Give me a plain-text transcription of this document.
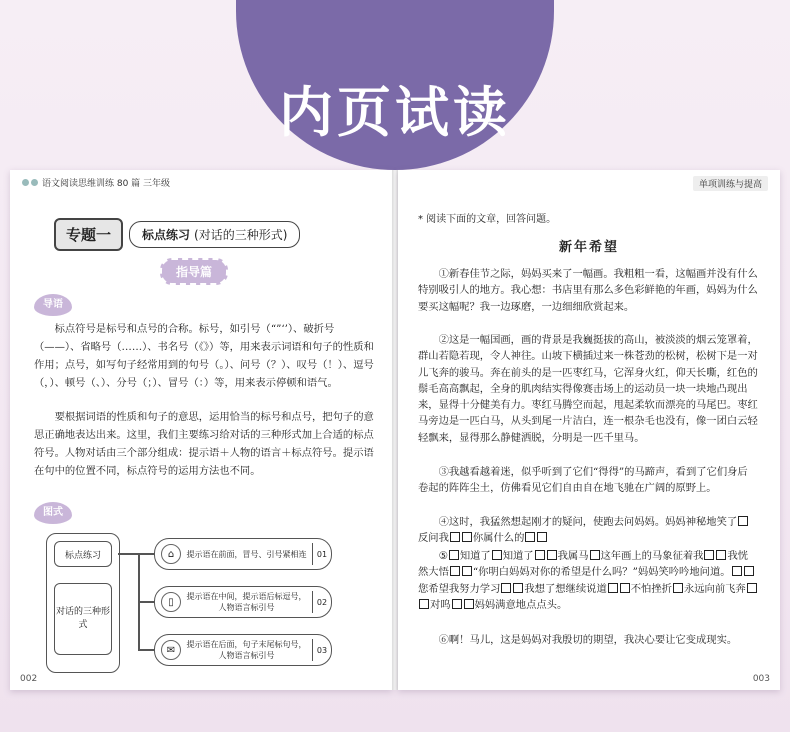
内页试读
语文阅读思维训练 80 篇 三年级
专题一	标点练习 (对话的三种形式)
指导篇
导语
标点符号是标号和点号的合称。标号，如引号（“”‘’）、破折号（——）、省略号（……）、书名号（《》）等，用来表示词语和句子的性质和作用；点号，如写句子经常用到的句号（。）、问号（？）、叹号（！）、逗号（，）、顿号（、）、分号（；）、冒号（：）等，用来表示停顿和语气。
要根据词语的性质和句子的意思，运用恰当的标号和点号，把句子的意思正确地表达出来。这里，我们主要练习给对话的三种形式加上合适的标点符号。人物对话由三个部分组成：提示语＋人物的语言＋标点符号。提示语在句中的位置不同，标点符号的运用方法也不同。
图式
标点练习
对话的三种形式
⌂	提示语在前面，冒号、引号紧相连	01
▯	提示语在中间，提示语后标逗号，人物语言标引号
02
✉	提示语在后面，句子末尾标句号，人物语言标引号
03
002
单项训练与提高
* 阅读下面的文章，回答问题。
新年希望
①新春佳节之际，妈妈买来了一幅画。我粗粗一看，这幅画并没有什么特别吸引人的地方。我心想：书店里有那么多色彩鲜艳的年画，妈妈为什么要买这幅呢？我一边琢磨，一边细细欣赏起来。
②这是一幅国画，画的背景是我巍挺拔的高山，被淡淡的烟云笼罩着，群山若隐若现，令人神往。山坡下横插过来一株苍劲的松树，松树下是一对儿飞奔的骏马。奔在前头的是一匹枣红马，它浑身火红，仰天长嘶，红色的鬃毛高高飘起，全身的肌肉结实得像赛击场上的运动员一块一块地凸现出来，显得十分健美有力。枣红马腾空而起，甩起柔软而漂亮的马尾巴。枣红马旁边是一匹白马，从头到尾一片洁白，连一根杂毛也没有，像一团白云轻轻飘来，显得那么静健洒脱，分明是一匹千里马。
③我越看越着迷，似乎听到了它们“得得”的马蹄声，看到了它们身后卷起的阵阵尘土，仿佛看见它们自由自在地飞驰在广阔的原野上。
④这时，我猛然想起刚才的疑问，使跑去问妈妈。妈妈神秘地笑了反问我 你属什么的
⑤ 知道了 知道了 我属马 这年画上的马象征着我 我恍然大悟 “你明白妈妈对你的希望是什么吗？”妈妈笑吟吟地问道。您希望我努力学习 我想了想继续说道 不怕挫折 永远向前飞奔对呜 妈妈满意地点点头。
⑥啊！马儿，这是妈妈对我殷切的期望，我决心要让它变成现实。
003
